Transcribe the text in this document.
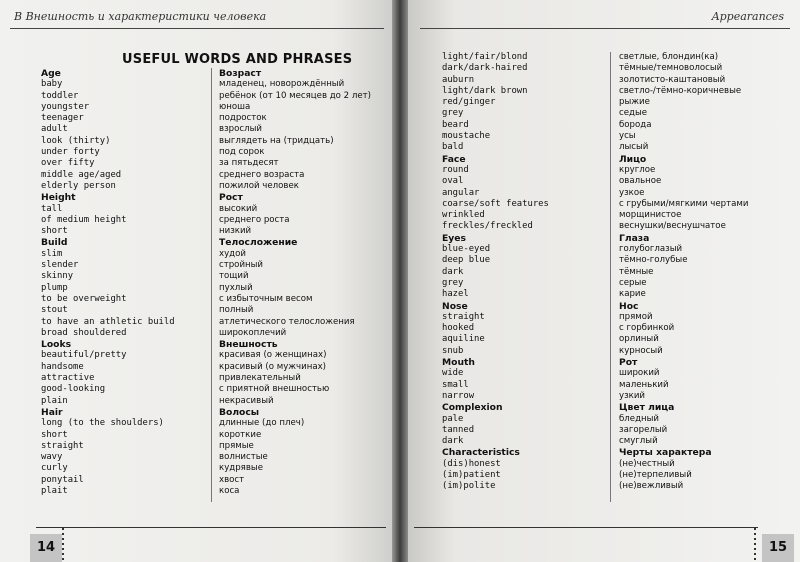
В Внешность и характеристики человека
USEFUL WORDS AND PHRASES
Age
baby
toddler
youngster
teenager
adult
look (thirty)
under forty
over fifty
middle age/aged
elderly person
Height
tall
of medium height
short
Build
slim
slender
skinny
plump
to be overweight
stout
to have an athletic build
broad shouldered
Looks
beautiful/pretty
handsome
attractive
good-looking
plain
Hair
long (to the shoulders)
short
straight
wavy
curly
ponytail
plait
Возраст
младенец, новорождённый
ребёнок (от 10 месяцев до 2 лет)
юноша
подросток
взрослый
выглядеть на (тридцать)
под сорок
за пятьдесят
среднего возраста
пожилой человек
Рост
высокий
среднего роста
низкий
Телосложение
худой
стройный
тощий
пухлый
с избыточным весом
полный
атлетического телосложения
широкоплечий
Внешность
красивая (о женщинах)
красивый (о мужчинах)
привлекательный
с приятной внешностью
некрасивый
Волосы
длинные (до плеч)
короткие
прямые
волнистые
кудрявые
хвост
коса
14
Appearances
light/fair/blond
dark/dark-haired
auburn
light/dark brown
red/ginger
grey
beard
moustache
bald
Face
round
oval
angular
coarse/soft features
wrinkled
freckles/freckled
Eyes
blue-eyed
deep blue
dark
grey
hazel
Nose
straight
hooked
aquiline
snub
Mouth
wide
small
narrow
Complexion
pale
tanned
dark
Characteristics
(dis)honest
(im)patient
(im)polite
светлые, блондин(ка)
тёмные/темноволосый
золотисто-каштановый
светло-/тёмно-коричневые
рыжие
седые
борода
усы
лысый
Лицо
круглое
овальное
узкое
с грубыми/мягкими чертами
морщинистое
веснушки/веснушчатое
Глаза
голубоглазый
тёмно-голубые
тёмные
серые
карие
Нос
прямой
с горбинкой
орлиный
курносый
Рот
широкий
маленький
узкий
Цвет лица
бледный
загорелый
смуглый
Черты характера
(не)честный
(не)терпеливый
(не)вежливый
15
